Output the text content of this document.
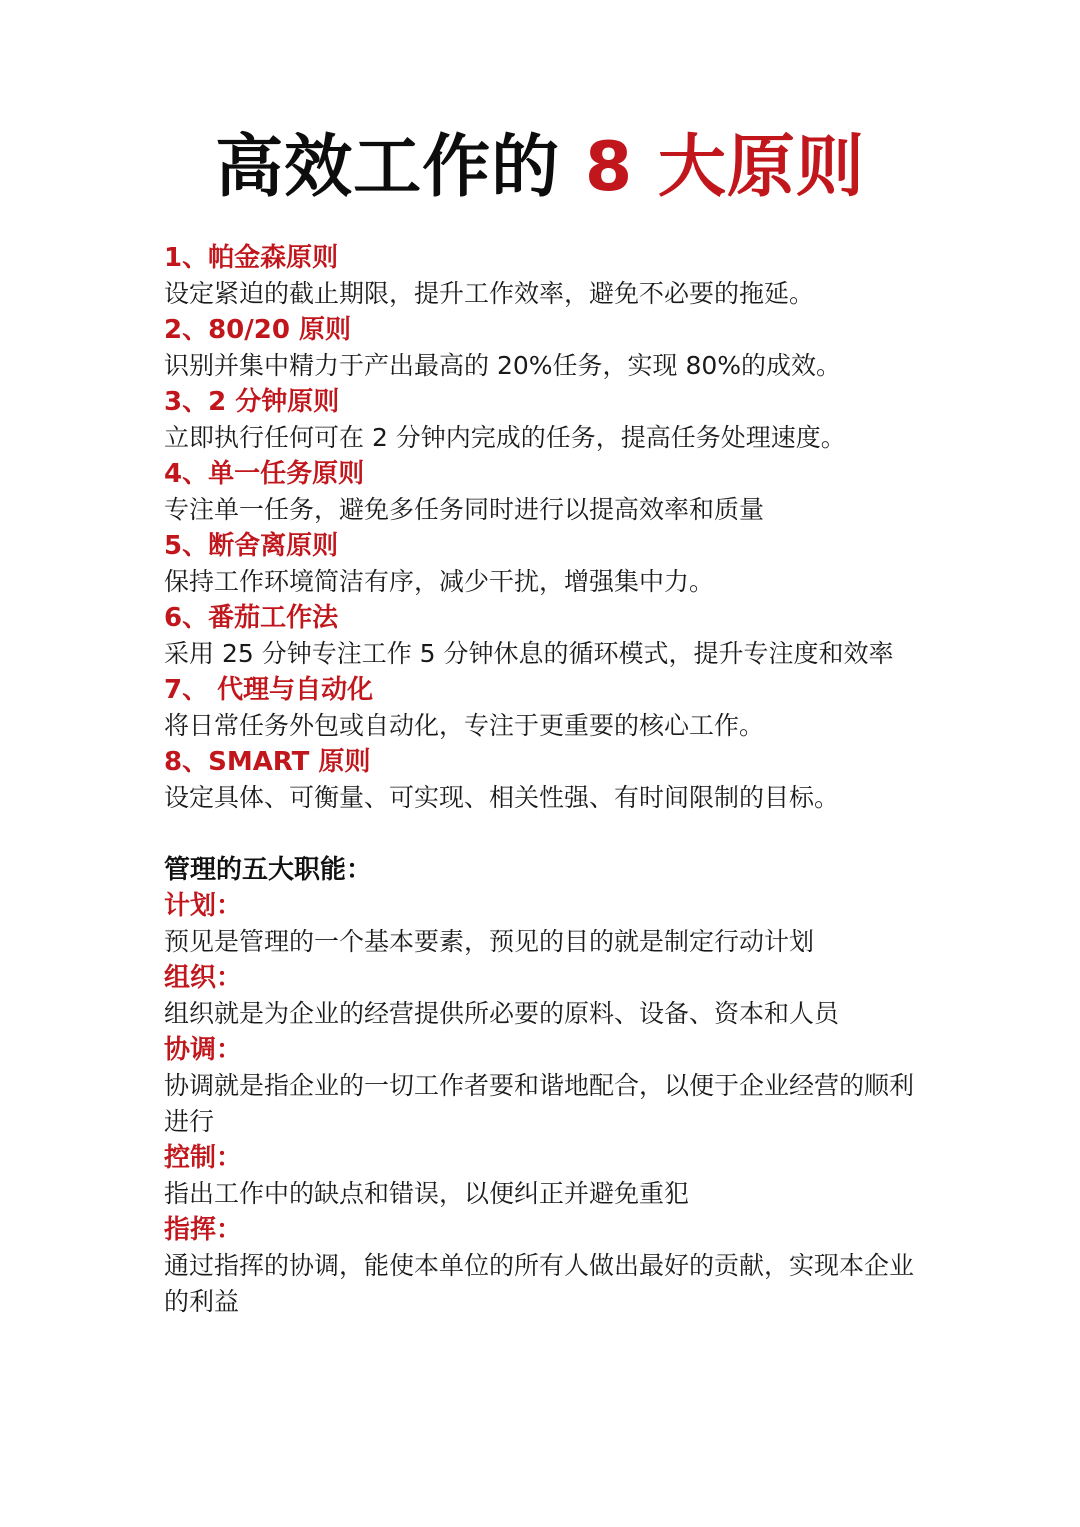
高效工作的 8 大原则

1、帕金森原则

设定紧迫的截止期限，提升工作效率，避免不必要的拖延。

2、80/20 原则

识别并集中精力于产出最高的 20%任务，实现 80%的成效。

3、2 分钟原则

立即执行任何可在 2 分钟内完成的任务，提高任务处理速度。

4、单一任务原则

专注单一任务，避免多任务同时进行以提高效率和质量

5、断舍离原则

保持工作环境简洁有序，减少干扰，增强集中力。

6、番茄工作法

采用 25 分钟专注工作 5 分钟休息的循环模式，提升专注度和效率

7、 代理与自动化

将日常任务外包或自动化，专注于更重要的核心工作。

8、SMART 原则

设定具体、可衡量、可实现、相关性强、有时间限制的目标。

管理的五大职能：

计划：

预见是管理的一个基本要素，预见的目的就是制定行动计划

组织：

组织就是为企业的经营提供所必要的原料、设备、资本和人员

协调：

协调就是指企业的一切工作者要和谐地配合，以便于企业经营的顺利进行

控制：

指出工作中的缺点和错误，以便纠正并避免重犯

指挥：

通过指挥的协调，能使本单位的所有人做出最好的贡献，实现本企业的利益
